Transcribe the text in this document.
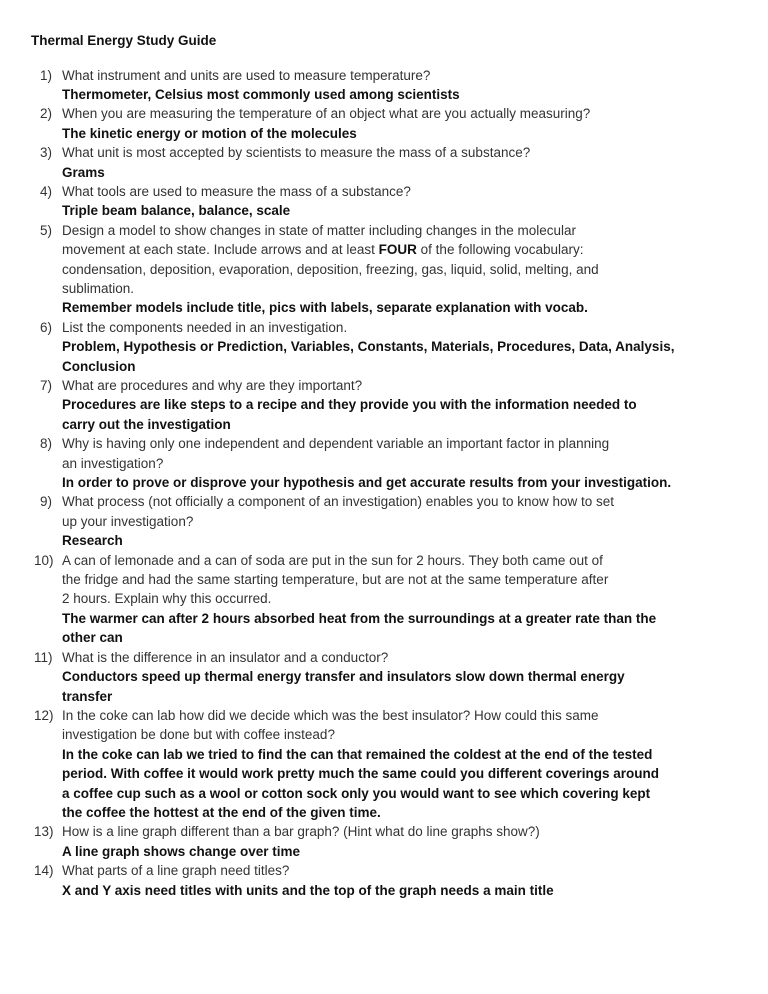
Thermal Energy Study Guide
1) What instrument and units are used to measure temperature?
Thermometer, Celsius most commonly used among scientists
2) When you are measuring the temperature of an object what are you actually measuring?
The kinetic energy or motion of the molecules
3) What unit is most accepted by scientists to measure the mass of a substance?
Grams
4) What tools are used to measure the mass of a substance?
Triple beam balance, balance, scale
5) Design a model to show changes in state of matter including changes in the molecular
movement at each state. Include arrows and at least FOUR of the following vocabulary:
condensation, deposition, evaporation, deposition, freezing, gas, liquid, solid, melting, and
sublimation.
Remember models include title, pics with labels, separate explanation with vocab.
6) List the components needed in an investigation.
Problem, Hypothesis or Prediction, Variables, Constants, Materials, Procedures, Data, Analysis,
Conclusion
7) What are procedures and why are they important?
Procedures are like steps to a recipe and they provide you with the information needed to
carry out the investigation
8) Why is having only one independent and dependent variable an important factor in planning
an investigation?
In order to prove or disprove your hypothesis and get accurate results from your investigation.
9) What process (not officially a component of an investigation) enables you to know how to set
up your investigation?
Research
10) A can of lemonade and a can of soda are put in the sun for 2 hours. They both came out of
the fridge and had the same starting temperature, but are not at the same temperature after
2 hours. Explain why this occurred.
The warmer can after 2 hours absorbed heat from the surroundings at a greater rate than the
other can
11) What is the difference in an insulator and a conductor?
Conductors speed up thermal energy transfer and insulators slow down thermal energy
transfer
12) In the coke can lab how did we decide which was the best insulator? How could this same
investigation be done but with coffee instead?
In the coke can lab we tried to find the can that remained the coldest at the end of the tested
period. With coffee it would work pretty much the same could you different coverings around
a coffee cup such as a wool or cotton sock only you would want to see which covering kept
the coffee the hottest at the end of the given time.
13) How is a line graph different than a bar graph? (Hint what do line graphs show?)
A line graph shows change over time
14) What parts of a line graph need titles?
X and Y axis need titles with units and the top of the graph needs a main title
